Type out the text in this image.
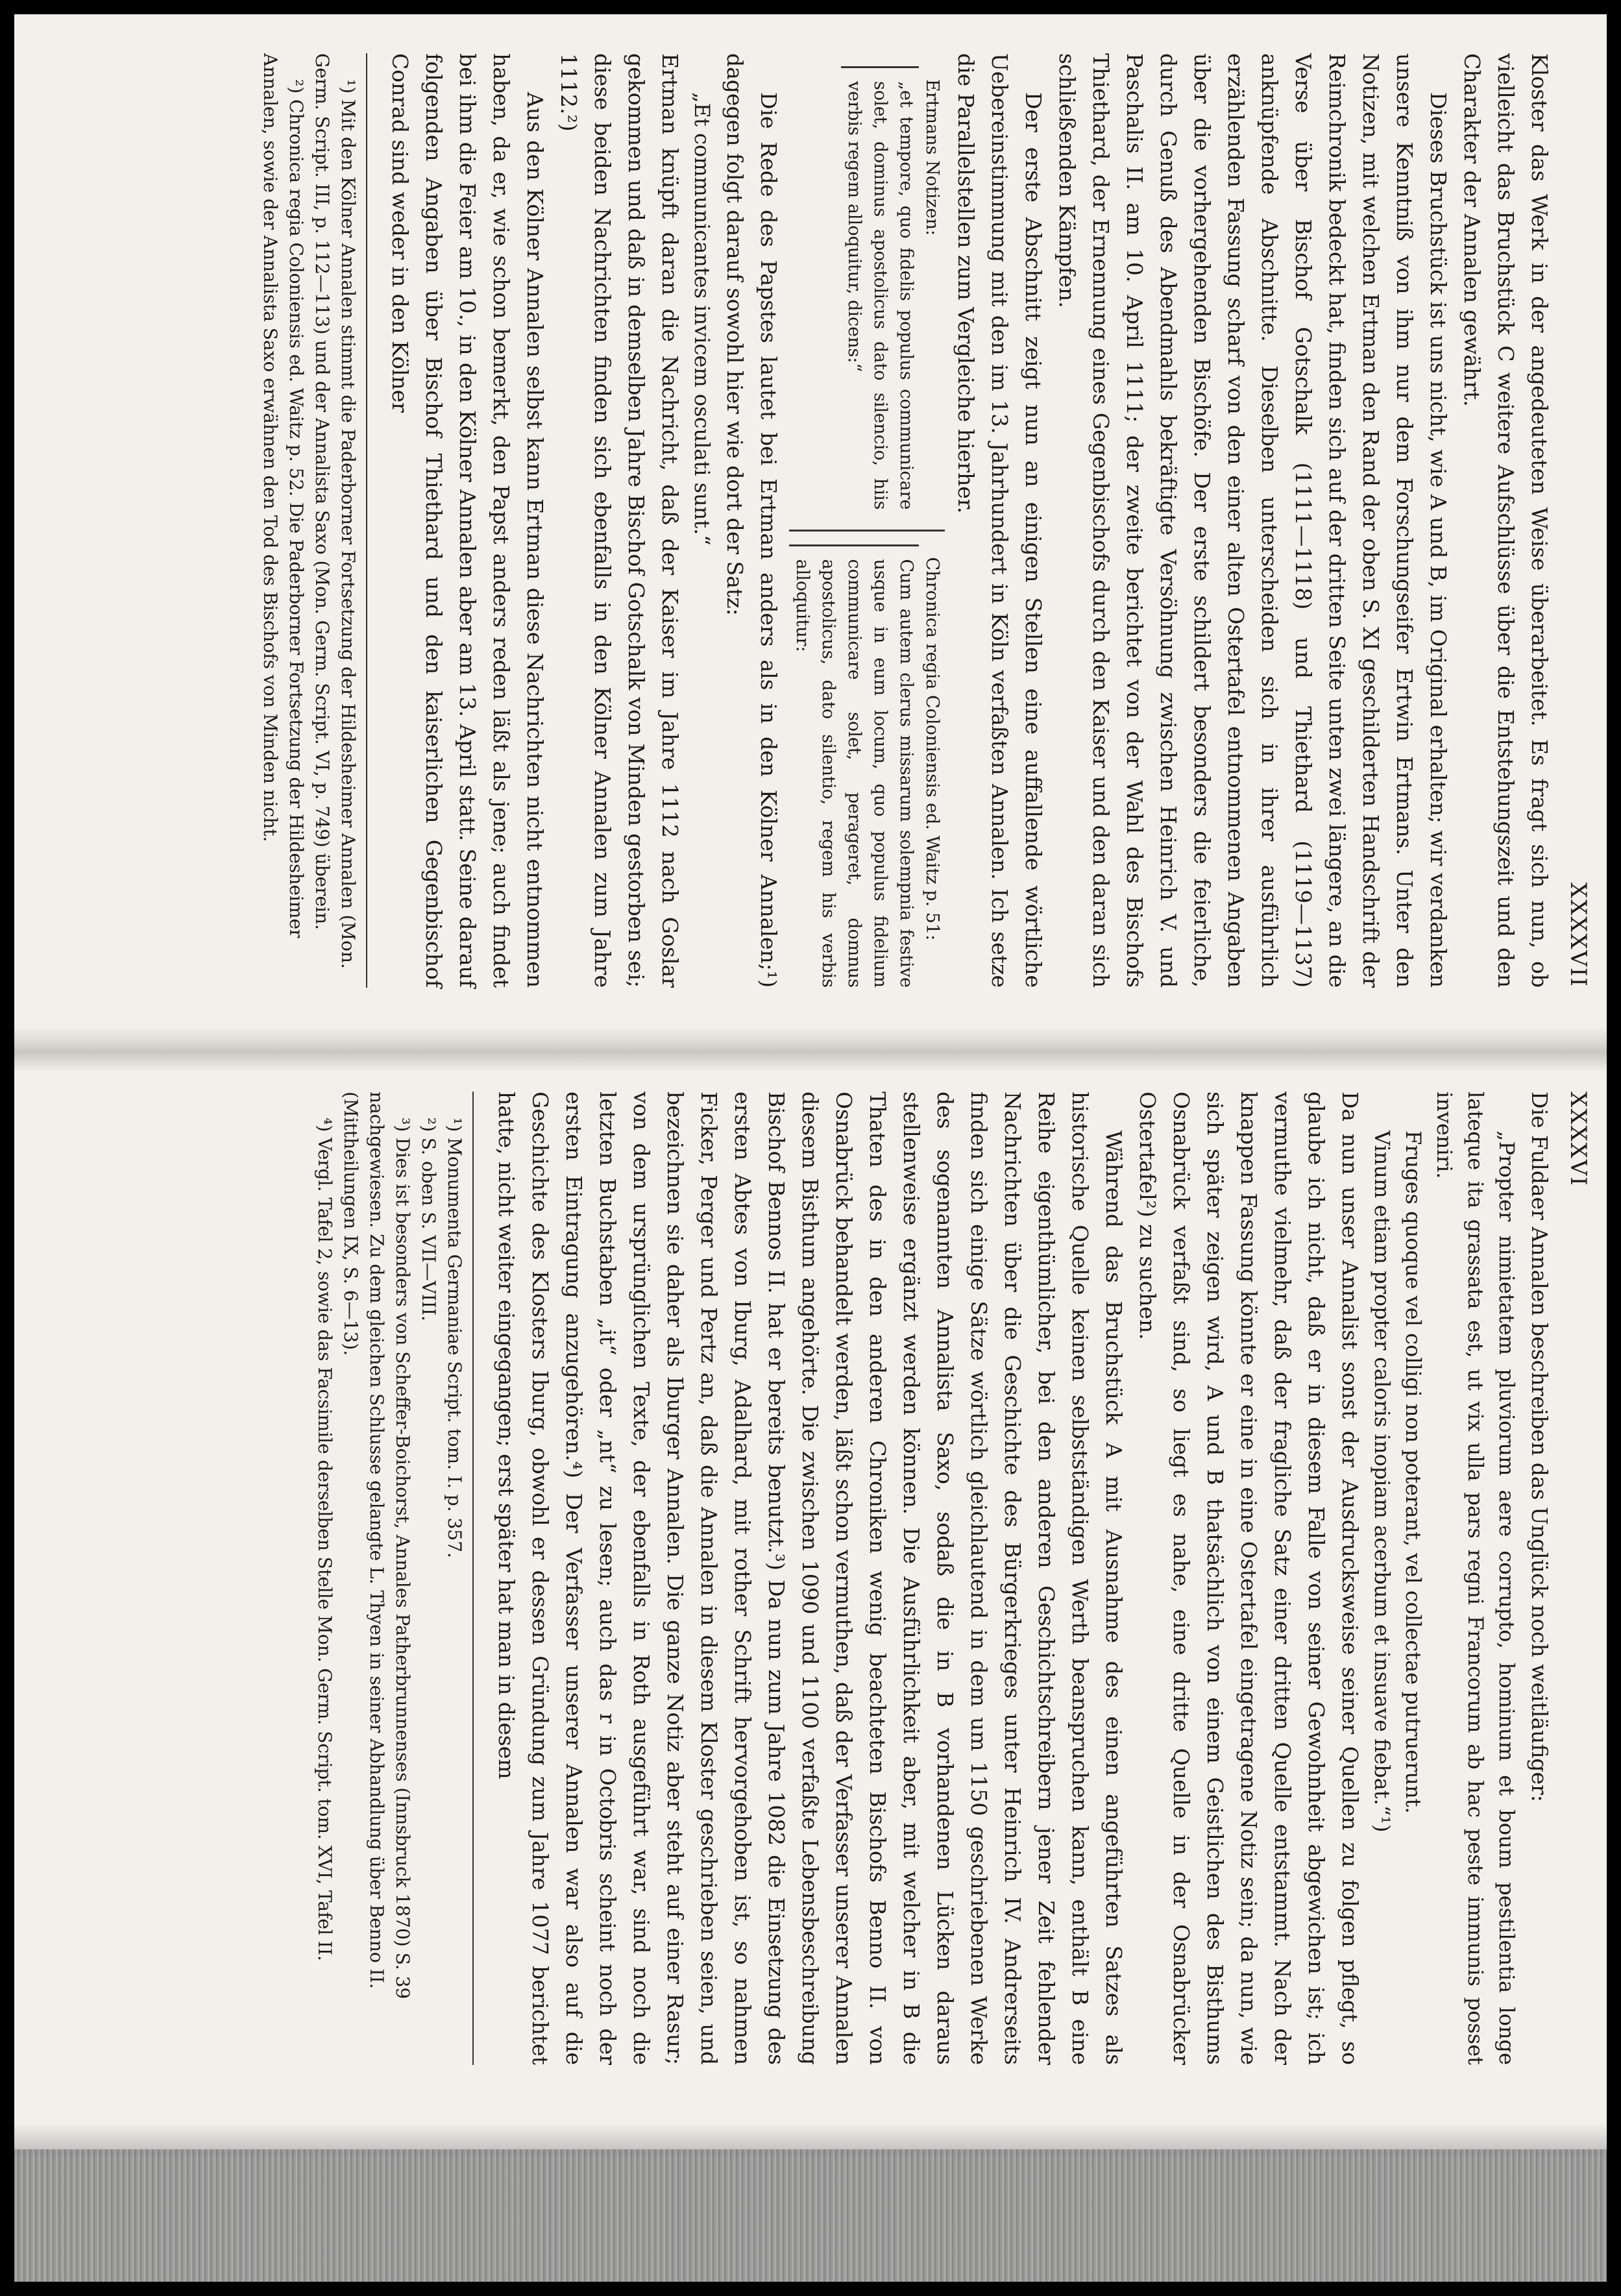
XXXXVI

Die Fuldaer Annalen beschreiben das Unglück noch weitläufiger:

„Propter nimietatem pluviorum aere corrupto, hominum et boum pestilentia longe lateque ita grassata est, ut vix ulla pars regni Francorum ab hac peste immunis posset inveniri.

Fruges quoque vel colligi non poterant, vel collectae putruerunt.

Vinum etiam propter caloris inopiam acerbum et insuave fiebat.“¹)

Da nun unser Annalist sonst der Ausdrucksweise seiner Quellen zu folgen pflegt, so glaube ich nicht, daß er in diesem Falle von seiner Gewohnheit abgewichen ist; ich vermuthe vielmehr, daß der fragliche Satz einer dritten Quelle entstammt. Nach der knappen Fassung könnte er eine in eine Ostertafel eingetragene Notiz sein; da nun, wie sich später zeigen wird, A und B thatsächlich von einem Geistlichen des Bisthums Osnabrück verfaßt sind, so liegt es nahe, eine dritte Quelle in der Osnabrücker Ostertafel²) zu suchen.

Während das Bruchstück A mit Ausnahme des einen angeführten Satzes als historische Quelle keinen selbstständigen Werth beanspruchen kann, enthält B eine Reihe eigenthümlicher, bei den anderen Geschichtschreibern jener Zeit fehlender Nachrichten über die Geschichte des Bürgerkrieges unter Heinrich IV. Andrerseits finden sich einige Sätze wörtlich gleichlautend in dem um 1150 geschriebenen Werke des sogenannten Annalista Saxo, sodaß die in B vorhandenen Lücken daraus stellenweise ergänzt werden können. Die Ausführlichkeit aber, mit welcher in B die Thaten des in den anderen Chroniken wenig beachteten Bischofs Benno II. von Osnabrück behandelt werden, läßt schon vermuthen, daß der Verfasser unserer Annalen diesem Bisthum angehörte. Die zwischen 1090 und 1100 verfaßte Lebensbeschreibung Bischof Bennos II. hat er bereits benutzt.³) Da nun zum Jahre 1082 die Einsetzung des ersten Abtes von Iburg, Adalhard, mit rother Schrift hervorgehoben ist, so nahmen Ficker, Perger und Pertz an, daß die Annalen in diesem Kloster geschrieben seien, und bezeichnen sie daher als Iburger Annalen. Die ganze Notiz aber steht auf einer Rasur; von dem ursprünglichen Texte, der ebenfalls in Roth ausgeführt war, sind noch die letzten Buchstaben „it“ oder „nt“ zu lesen; auch das r in Octobris scheint noch der ersten Eintragung anzugehören.⁴) Der Verfasser unserer Annalen war also auf die Geschichte des Klosters Iburg, obwohl er dessen Gründung zum Jahre 1077 berichtet hatte, nicht weiter eingegangen; erst später hat man in diesem

¹) Monumenta Germaniae Script. tom. I. p. 357.
²) S. oben S. VII—VIII.
³) Dies ist besonders von Scheffer-Boichorst, Annales Patherbrunnenses (Innsbruck 1870) S. 39 nachgewiesen. Zu dem gleichen Schlusse gelangte L. Thyen in seiner Abhandlung über Benno II. (Mittheilungen IX, S. 6—13).
⁴) Vergl. Tafel 2, sowie das Facsimile derselben Stelle Mon. Germ. Script. tom. XVI, Tafel II.
XXXXVII

Kloster das Werk in der angedeuteten Weise überarbeitet. Es fragt sich nun, ob vielleicht das Bruchstück C weitere Aufschlüsse über die Entstehungszeit und den Charakter der Annalen gewährt.

Dieses Bruchstück ist uns nicht, wie A und B, im Original erhalten; wir verdanken unsere Kenntniß von ihm nur dem Forschungseifer Ertwin Ertmans. Unter den Notizen, mit welchen Ertman den Rand der oben S. XI geschilderten Handschrift der Reimchronik bedeckt hat, finden sich auf der dritten Seite unten zwei längere, an die Verse über Bischof Gotschalk (1111—1118) und Thiethard (1119—1137) anknüpfende Abschnitte. Dieselben unterscheiden sich in ihrer ausführlich erzählenden Fassung scharf von den einer alten Ostertafel entnommenen Angaben über die vorhergehenden Bischöfe. Der erste schildert besonders die feierliche, durch Genuß des Abendmahls bekräftigte Versöhnung zwischen Heinrich V. und Paschalis II. am 10. April 1111; der zweite berichtet von der Wahl des Bischofs Thiethard, der Ernennung eines Gegenbischofs durch den Kaiser und den daran sich schließenden Kämpfen.

Der erste Abschnitt zeigt nun an einigen Stellen eine auffallende wörtliche Uebereinstimmung mit den im 13. Jahrhundert in Köln verfaßten Annalen. Ich setze die Parallelstellen zum Vergleiche hierher.

Ertmans Notizen:
„et tempore, quo fidelis populus communicare solet, dominus apostolicus dato silencio, hiis verbis regem alloquitur, dicens:“
Chronica regia Coloniensis ed. Waitz p. 51:
Cum autem clerus missarum solempnia festive usque in eum locum, quo populus fidelium communicare solet, perageret, domnus apostolicus, dato silentio, regem his verbis alloquitur:

Die Rede des Papstes lautet bei Ertman anders als in den Kölner Annalen;¹) dagegen folgt darauf sowohl hier wie dort der Satz:

„Et communicantes invicem osculati sunt.“

Ertman knüpft daran die Nachricht, daß der Kaiser im Jahre 1112 nach Goslar gekommen und daß in demselben Jahre Bischof Gotschalk von Minden gestorben sei; diese beiden Nachrichten finden sich ebenfalls in den Kölner Annalen zum Jahre 1112.²)

Aus den Kölner Annalen selbst kann Ertman diese Nachrichten nicht entnommen haben, da er, wie schon bemerkt, den Papst anders reden läßt als jene; auch findet bei ihm die Feier am 10., in den Kölner Annalen aber am 13. April statt. Seine darauf folgenden Angaben über Bischof Thiethard und den kaiserlichen Gegenbischof Conrad sind weder in den Kölner

¹) Mit den Kölner Annalen stimmt die Paderborner Fortsetzung der Hildesheimer Annalen (Mon. Germ. Script. III, p. 112—113) und der Annalista Saxo (Mon. Germ. Script. VI, p. 749) überein.
²) Chronica regia Coloniensis ed. Waitz p. 52. Die Paderborner Fortsetzung der Hildesheimer Annalen, sowie der Annalista Saxo erwähnen den Tod des Bischofs von Minden nicht.
